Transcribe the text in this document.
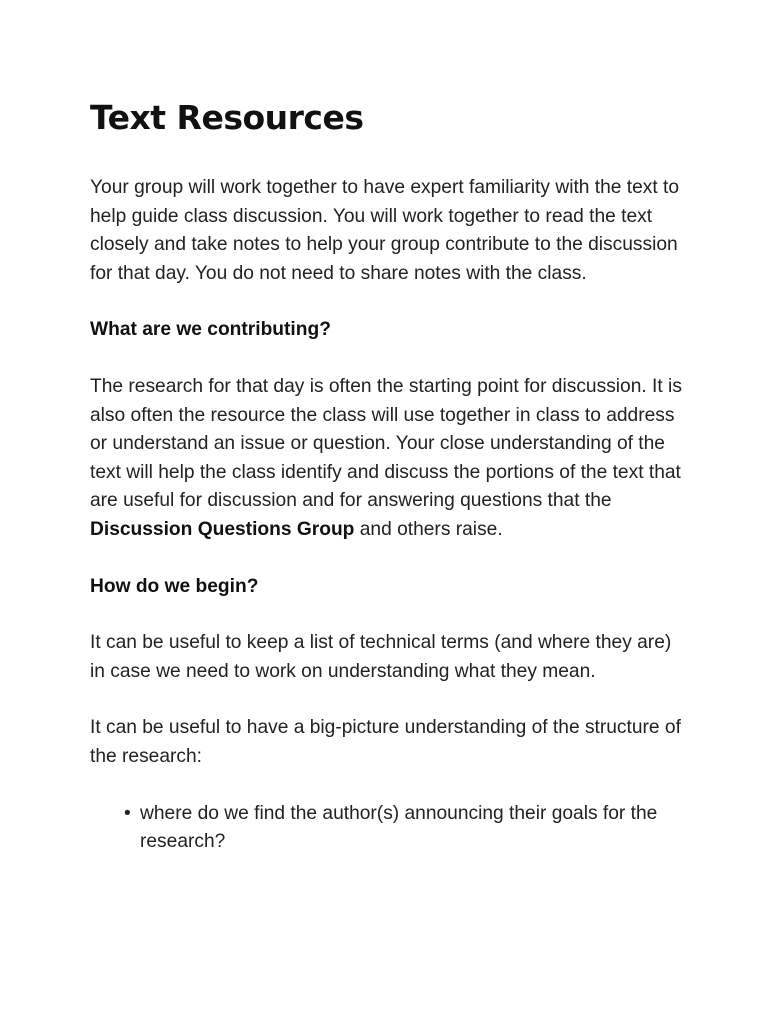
Text Resources

Your group will work together to have expert familiarity with the text to help guide class discussion. You will work together to read the text closely and take notes to help your group contribute to the discussion for that day. You do not need to share notes with the class.

What are we contributing?

The research for that day is often the starting point for discussion. It is also often the resource the class will use together in class to address or understand an issue or question. Your close understanding of the text will help the class identify and discuss the portions of the text that are useful for discussion and for answering questions that the Discussion Questions Group and others raise.

How do we begin?

It can be useful to keep a list of technical terms (and where they are) in case we need to work on understanding what they mean.

It can be useful to have a big-picture understanding of the structure of the research:

• where do we find the author(s) announcing their goals for the research?
